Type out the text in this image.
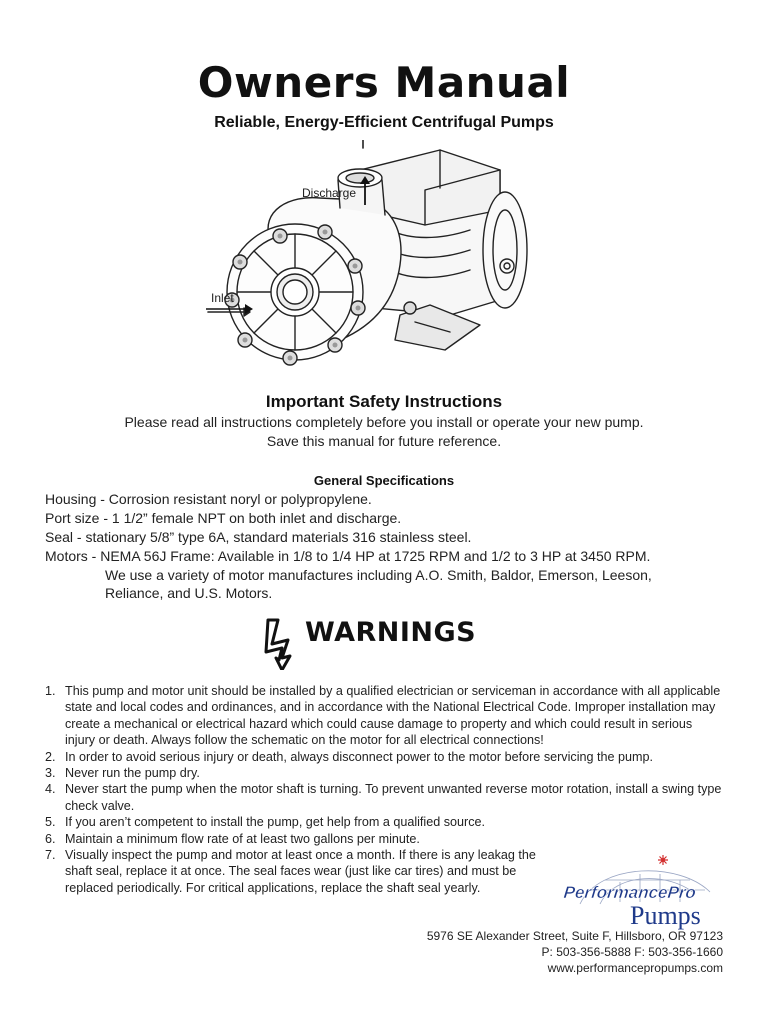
Owners Manual
Reliable, Energy-Efficient Centrifugal Pumps
Discharge
Inlet
Important Safety Instructions
Please read all instructions completely before you install or operate your new pump.
Save this manual for future reference.
General Specifications
Housing - Corrosion resistant noryl or polypropylene.
Port size - 1 1/2” female NPT on both inlet and discharge.
Seal - stationary 5/8” type 6A, standard materials 316 stainless steel.
Motors - NEMA 56J Frame: Available in 1/8 to 1/4 HP at 1725 RPM and 1/2 to 3 HP at 3450 RPM.
We use a variety of motor manufactures including A.O. Smith, Baldor, Emerson, Leeson,
Reliance, and U.S. Motors.
WARNINGS
1. This pump and motor unit should be installed by a qualified electrician or serviceman in accordance with all applicable state and local codes and ordinances, and in accordance with the National Electrical Code. Improper installation may create a mechanical or electrical hazard which could cause damage to property and which could result in serious injury or death. Always follow the schematic on the motor for all electrical connections!
2. In order to avoid serious injury or death, always disconnect power to the motor before servicing the pump.
3. Never run the pump dry.
4. Never start the pump when the motor shaft is turning. To prevent unwanted reverse motor rotation, install a swing type check valve.
5. If you aren’t competent to install the pump, get help from a qualified source.
6. Maintain a minimum flow rate of at least two gallons per minute.
7. Visually inspect the pump and motor at least once a month. If there is any leakag the shaft seal, replace it at once. The seal faces wear (just like car tires) and must be replaced periodically. For critical applications, replace the shaft seal yearly.	PerformancePro
Pumps
5976 SE Alexander Street, Suite F, Hillsboro, OR 97123
P: 503-356-5888 F: 503-356-1660
www.performancepropumps.com
